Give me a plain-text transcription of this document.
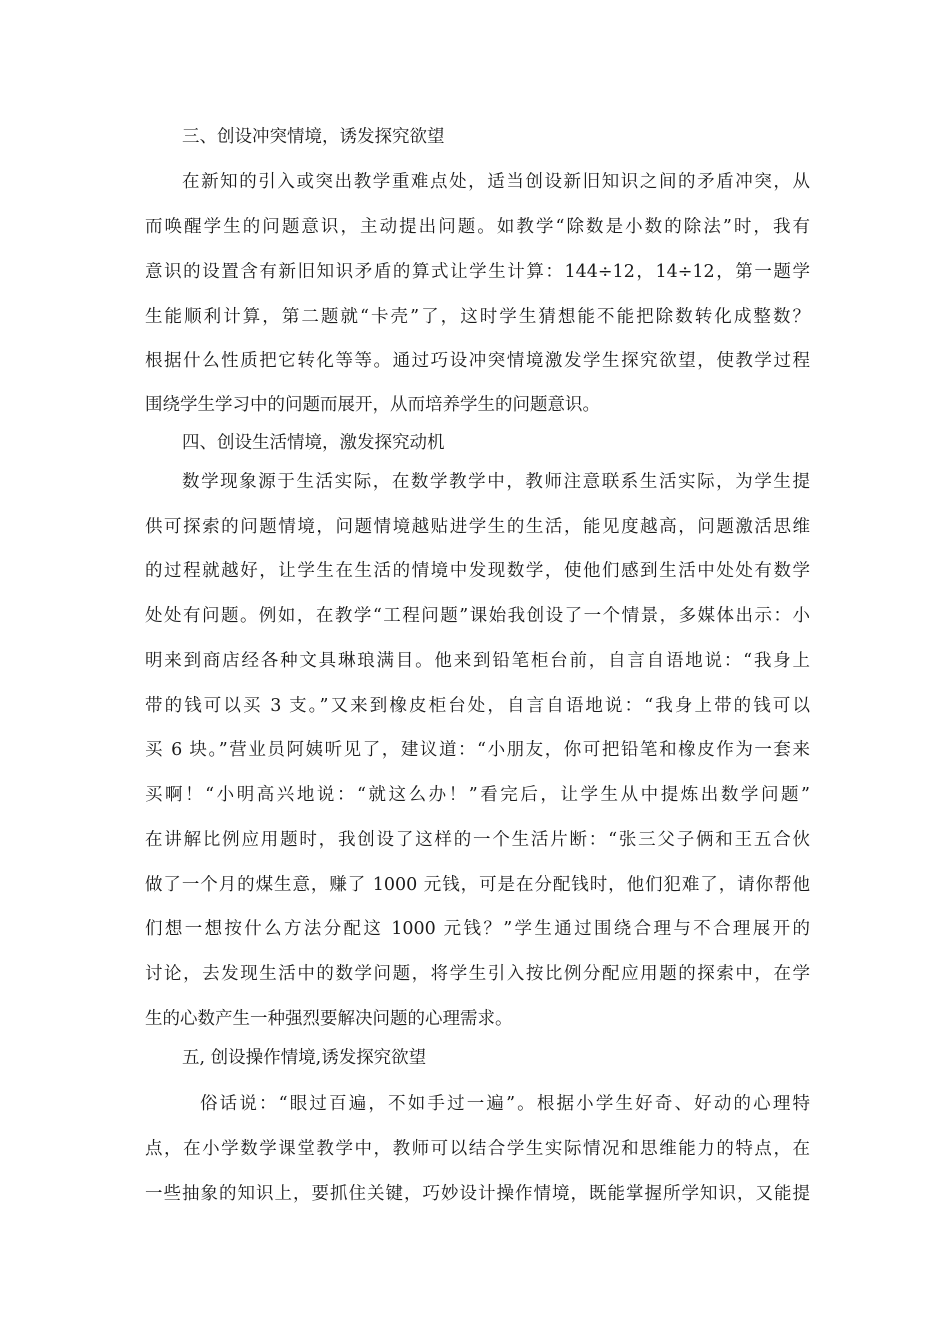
三、创设冲突情境，诱发探究欲望
在新知的引入或突出教学重难点处，适当创设新旧知识之间的矛盾冲突，从
而唤醒学生的问题意识，主动提出问题。如教学“除数是小数的除法”时，我有
意识的设置含有新旧知识矛盾的算式让学生计算：144÷12，14÷12，第一题学
生能顺利计算，第二题就“卡壳”了，这时学生猜想能不能把除数转化成整数？
根据什么性质把它转化等等。通过巧设冲突情境激发学生探究欲望，使教学过程
围绕学生学习中的问题而展开，从而培养学生的问题意识。
四、创设生活情境，激发探究动机
数学现象源于生活实际，在数学教学中，教师注意联系生活实际，为学生提
供可探索的问题情境，问题情境越贴进学生的生活，能见度越高，问题激活思维
的过程就越好，让学生在生活的情境中发现数学，使他们感到生活中处处有数学
处处有问题。例如，在教学“工程问题”课始我创设了一个情景，多媒体出示：小
明来到商店经各种文具琳琅满目。他来到铅笔柜台前，自言自语地说：“我身上
带的钱可以买 3 支。”又来到橡皮柜台处，自言自语地说：“我身上带的钱可以
买 6 块。”营业员阿姨听见了，建议道：“小朋友，你可把铅笔和橡皮作为一套来
买啊！“小明高兴地说：“就这么办！”看完后，让学生从中提炼出数学问题”
在讲解比例应用题时，我创设了这样的一个生活片断：“张三父子俩和王五合伙
做了一个月的煤生意，赚了 1000 元钱，可是在分配钱时，他们犯难了，请你帮他
们想一想按什么方法分配这 1000 元钱？”学生通过围绕合理与不合理展开的
讨论，去发现生活中的数学问题，将学生引入按比例分配应用题的探索中，在学
生的心数产生一种强烈要解决问题的心理需求。
五, 创设操作情境,诱发探究欲望
俗话说：“眼过百遍，不如手过一遍”。根据小学生好奇、好动的心理特
点，在小学数学课堂教学中，教师可以结合学生实际情况和思维能力的特点，在
一些抽象的知识上，要抓住关键，巧妙设计操作情境，既能掌握所学知识，又能提
